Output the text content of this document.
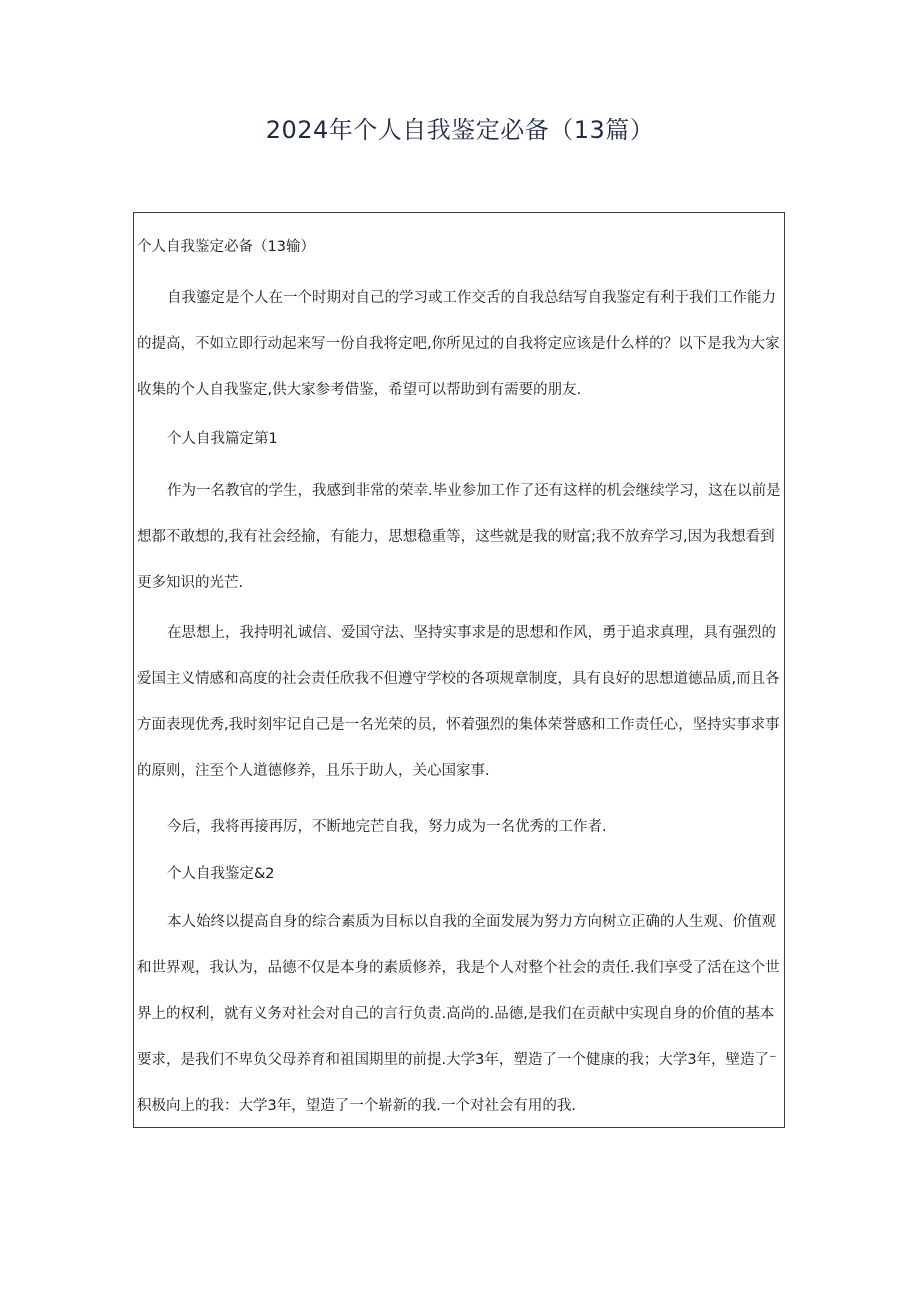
2024年个人自我鉴定必备（13篇）

个人自我鉴定必备（13输）

自我鎏定是个人在一个时期对自己的学习或工作交舌的自我总结写自我鉴定有利于我们工作能力
的提高，不如立即行动起来写一份自我将定吧,你所见过的自我将定应该是什么样的？以下是我为大家
收集的个人自我鉴定,供大家参考借鉴，希望可以帮助到有需要的朋友.

个人自我篇定第1

作为一名教官的学生，我感到非常的荣幸.毕业参加工作了还有这样的机会继续学习，这在以前是
想都不敢想的,我有社会经揄，有能力，思想稳重等，这些就是我的财富;我不放弃学习,因为我想看到
更多知识的光芒.

在思想上，我持明礼诚信、爱国守法、坚持实事求是的思想和作风，勇于追求真理，具有强烈的
爱国主义情感和高度的社会责任欣我不但遵守学校的各项规章制度，具有良好的思想道德品质,而且各
方面表现优秀,我时刻牢记自己是一名光荣的员，怀着强烈的集体荣誉感和工作责任心，坚持实事求事
的原则，注至个人道德修养，且乐于助人，关心国家事.

今后，我将再接再厉，不断地完芒自我，努力成为一名优秀的工作者.

个人自我鉴定&2

本人始终以提高自身的综合素质为目标以自我的全面发展为努力方向树立正确的人生观、价值观
和世界观，我认为，品德不仅是本身的素质修养，我是个人对整个社会的责任.我们享受了活在这个世
界上的权利，就有义务对社会对自己的言行负责.高尚的.品德,是我们在贡献中实现自身的价值的基本
要求，是我们不卑负父母养育和祖国期里的前提.大学3年，塑造了一个健康的我；大学3年，壁造了⁻
积极向上的我：大学3年，望造了一个崭新的我.一个对社会有用的我.
